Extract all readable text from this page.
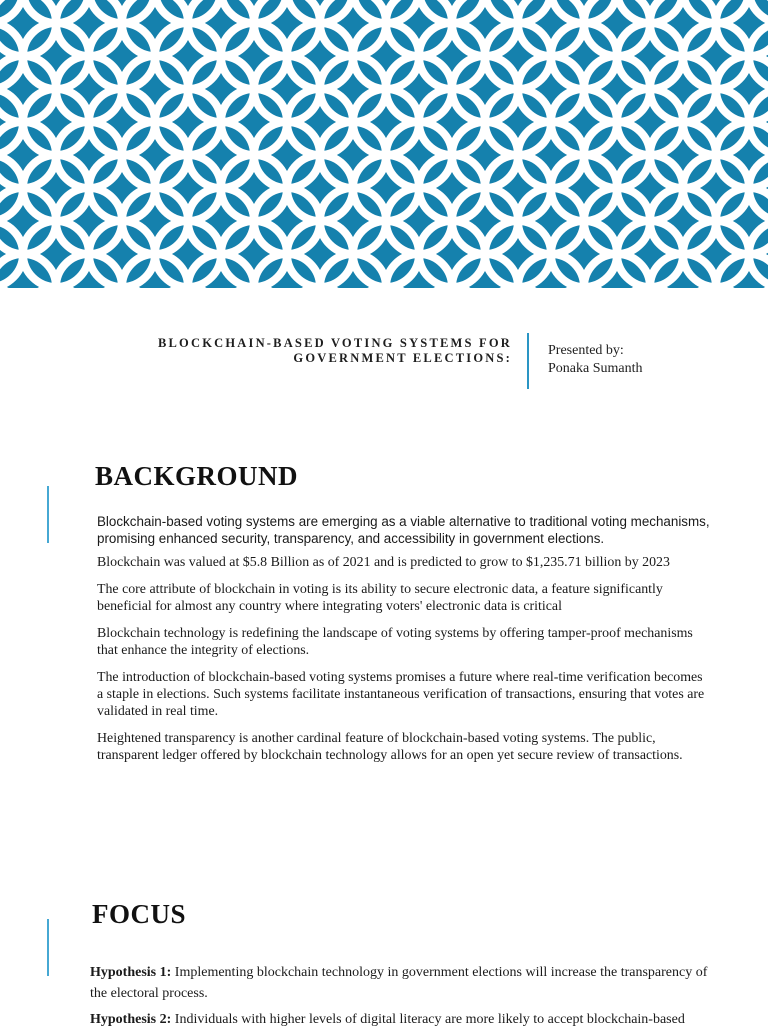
BLOCKCHAIN-BASED VOTING SYSTEMS FOR
GOVERNMENT ELECTIONS:	Presented by:
Ponaka Sumanth
BACKGROUND

Blockchain-based voting systems are emerging as a viable alternative to traditional voting mechanisms, promising enhanced security, transparency, and accessibility in government elections.

Blockchain was valued at $5.8 Billion as of 2021 and is predicted to grow to $1,235.71 billion by 2023

The core attribute of blockchain in voting is its ability to secure electronic data, a feature significantly beneficial for almost any country where integrating voters' electronic data is critical

Blockchain technology is redefining the landscape of voting systems by offering tamper-proof mechanisms that enhance the integrity of elections.

The introduction of blockchain-based voting systems promises a future where real-time verification becomes a staple in elections. Such systems facilitate instantaneous verification of transactions, ensuring that votes are validated in real time.

Heightened transparency is another cardinal feature of blockchain-based voting systems. The public, transparent ledger offered by blockchain technology allows for an open yet secure review of transactions.

FOCUS

Hypothesis 1: Implementing blockchain technology in government elections will increase the transparency of the electoral process.

Hypothesis 2: Individuals with higher levels of digital literacy are more likely to accept blockchain-based
